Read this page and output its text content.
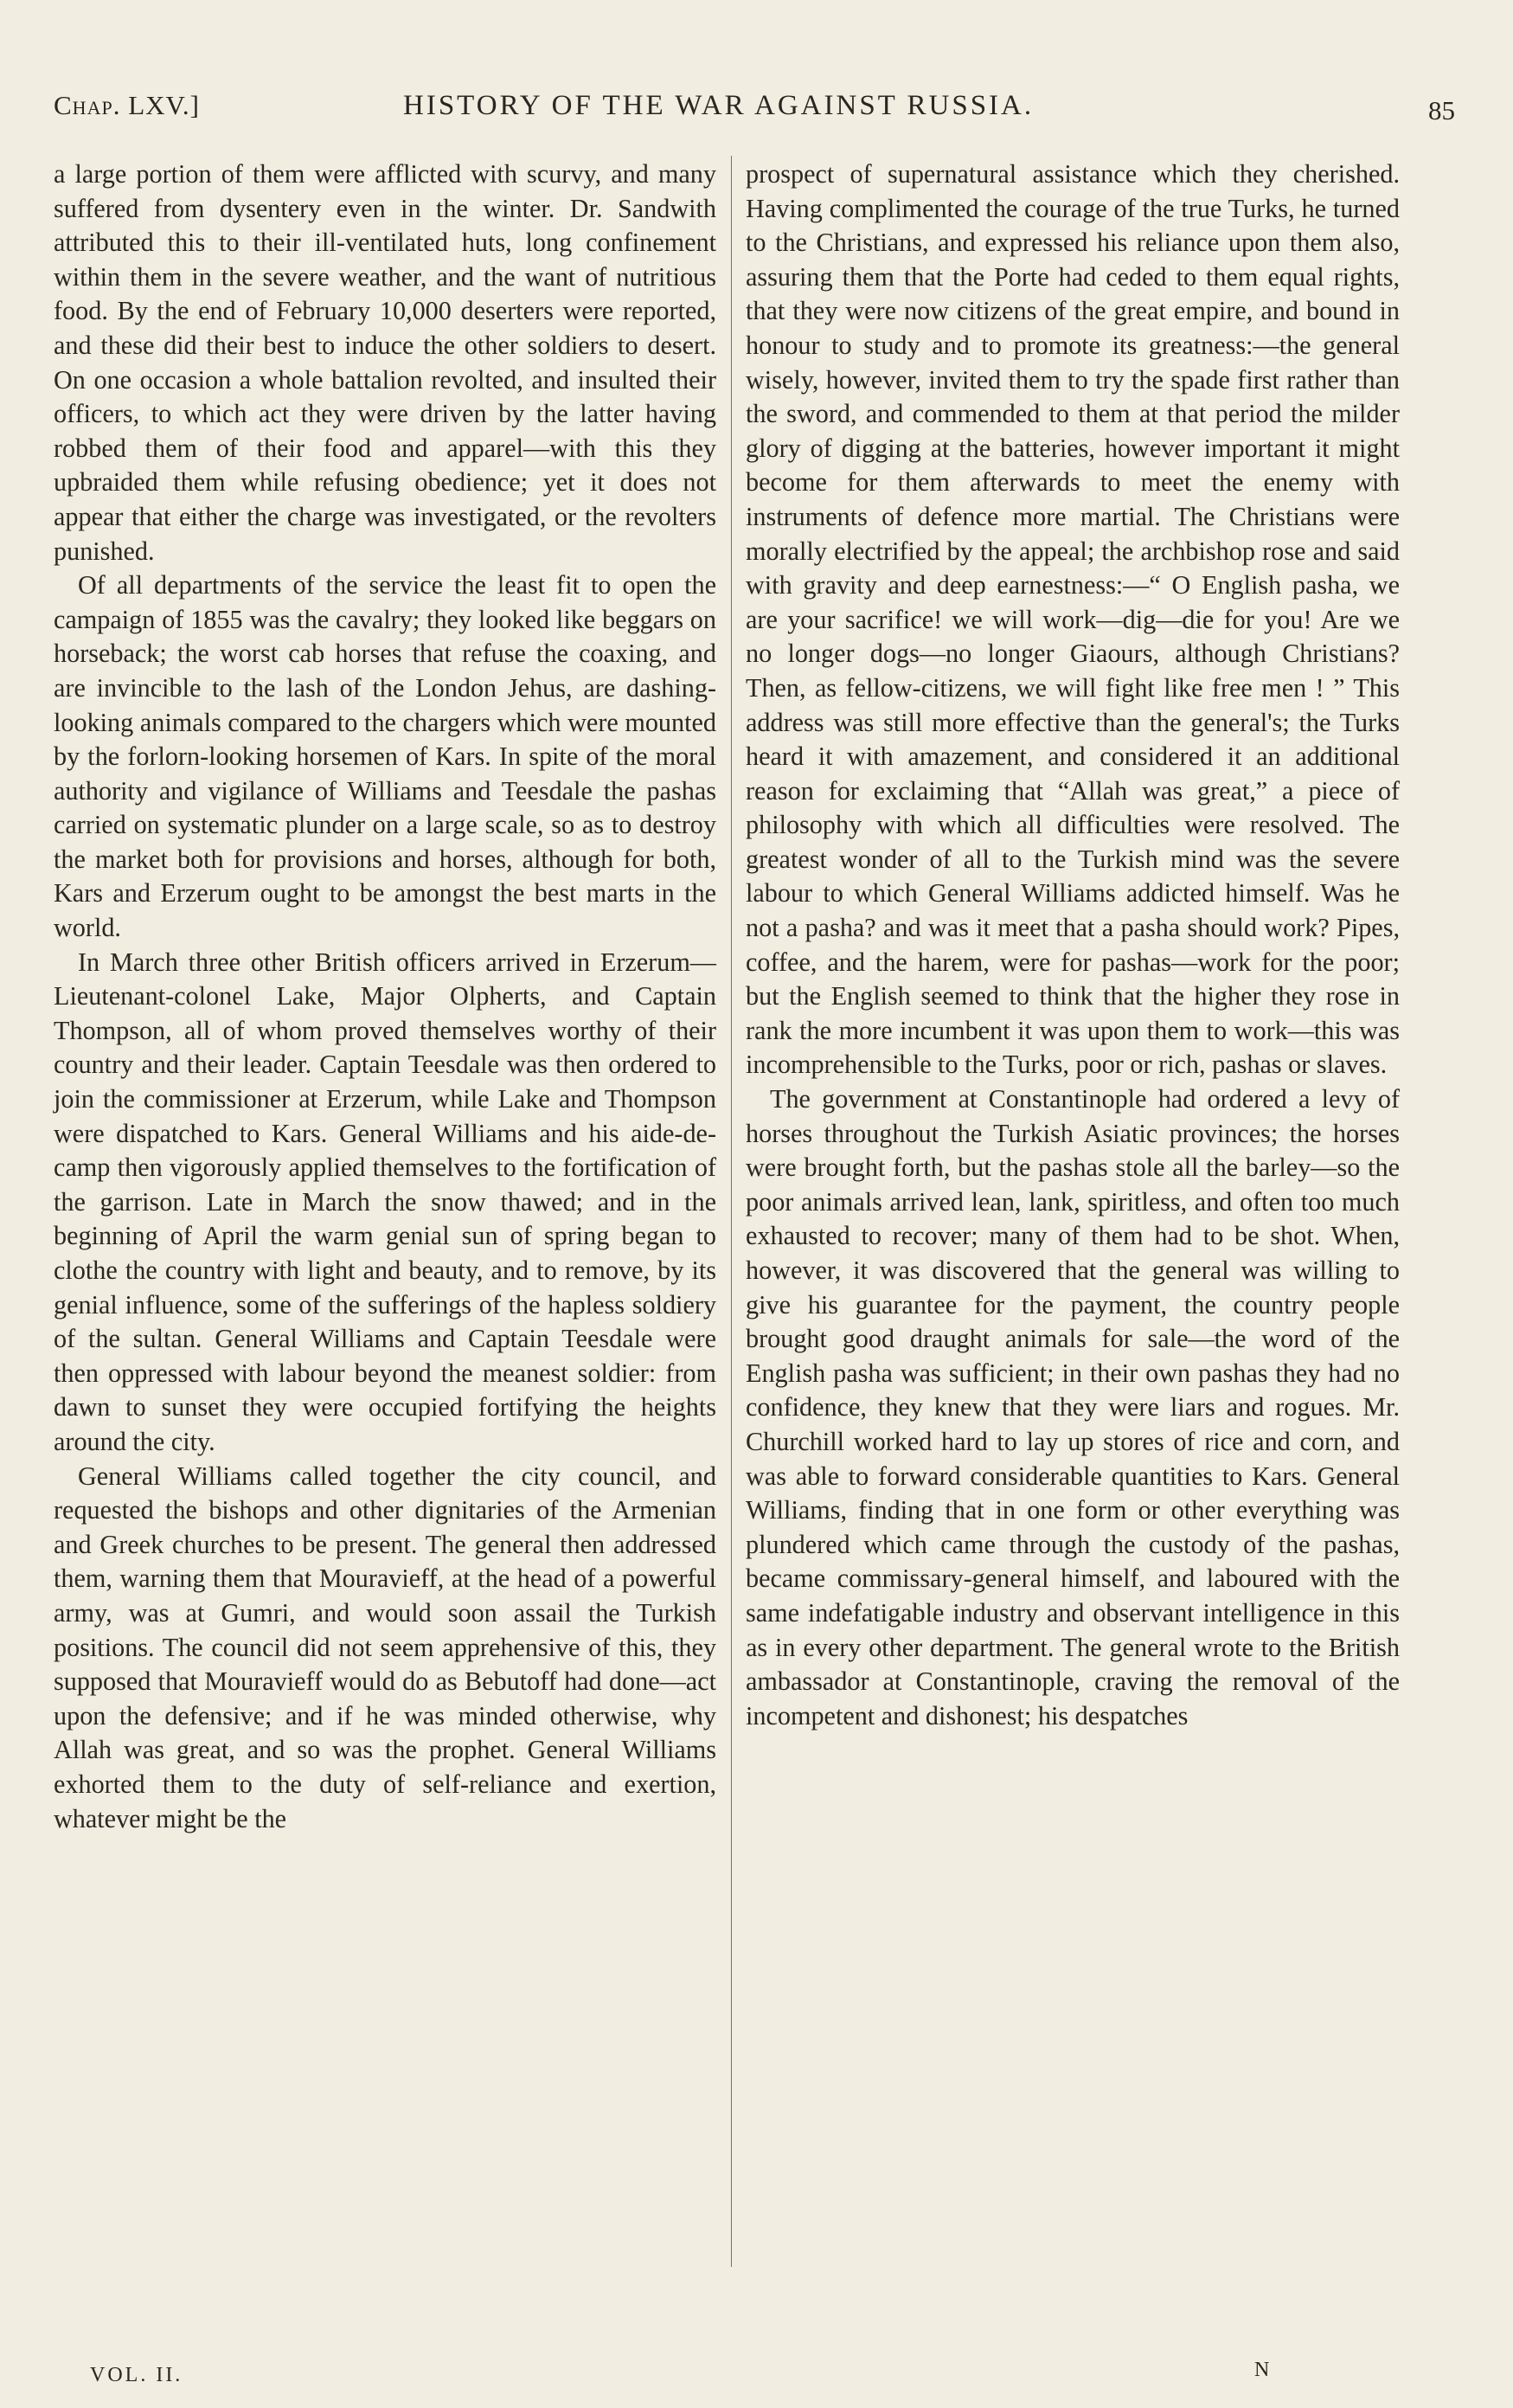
Chap. LXV.]	HISTORY OF THE WAR AGAINST RUSSIA.	85

a large portion of them were afflicted with scurvy, and many suffered from dysentery even in the winter. Dr. Sandwith attributed this to their ill-ventilated huts, long confinement within them in the severe weather, and the want of nutritious food. By the end of February 10,000 deserters were reported, and these did their best to induce the other soldiers to desert. On one occasion a whole battalion revolted, and insulted their officers, to which act they were driven by the latter having robbed them of their food and apparel—with this they upbraided them while refusing obedience; yet it does not appear that either the charge was investigated, or the revolters punished.

Of all departments of the service the least fit to open the campaign of 1855 was the cavalry; they looked like beggars on horseback; the worst cab horses that refuse the coaxing, and are invincible to the lash of the London Jehus, are dashing-looking animals compared to the chargers which were mounted by the forlorn-looking horsemen of Kars. In spite of the moral authority and vigilance of Williams and Teesdale the pashas carried on systematic plunder on a large scale, so as to destroy the market both for provisions and horses, although for both, Kars and Erzerum ought to be amongst the best marts in the world.

In March three other British officers arrived in Erzerum—Lieutenant-colonel Lake, Major Olpherts, and Captain Thompson, all of whom proved themselves worthy of their country and their leader. Captain Teesdale was then ordered to join the commissioner at Erzerum, while Lake and Thompson were dispatched to Kars. General Williams and his aide-de-camp then vigorously applied themselves to the fortification of the garrison. Late in March the snow thawed; and in the beginning of April the warm genial sun of spring began to clothe the country with light and beauty, and to remove, by its genial influence, some of the sufferings of the hapless soldiery of the sultan. General Williams and Captain Teesdale were then oppressed with labour beyond the meanest soldier: from dawn to sunset they were occupied fortifying the heights around the city.

General Williams called together the city council, and requested the bishops and other dignitaries of the Armenian and Greek churches to be present. The general then addressed them, warning them that Mouravieff, at the head of a powerful army, was at Gumri, and would soon assail the Turkish positions. The council did not seem apprehensive of this, they supposed that Mouravieff would do as Bebutoff had done—act upon the defensive; and if he was minded otherwise, why Allah was great, and so was the prophet. General Williams exhorted them to the duty of self-reliance and exertion, whatever might be the

prospect of supernatural assistance which they cherished. Having complimented the courage of the true Turks, he turned to the Christians, and expressed his reliance upon them also, assuring them that the Porte had ceded to them equal rights, that they were now citizens of the great empire, and bound in honour to study and to promote its greatness:—the general wisely, however, invited them to try the spade first rather than the sword, and commended to them at that period the milder glory of digging at the batteries, however important it might become for them afterwards to meet the enemy with instruments of defence more martial. The Christians were morally electrified by the appeal; the archbishop rose and said with gravity and deep earnestness:—“ O English pasha, we are your sacrifice! we will work—dig—die for you! Are we no longer dogs—no longer Giaours, although Christians? Then, as fellow-citizens, we will fight like free men ! ” This address was still more effective than the general's; the Turks heard it with amazement, and considered it an additional reason for exclaiming that “Allah was great,” a piece of philosophy with which all difficulties were resolved. The greatest wonder of all to the Turkish mind was the severe labour to which General Williams addicted himself. Was he not a pasha? and was it meet that a pasha should work? Pipes, coffee, and the harem, were for pashas—work for the poor; but the English seemed to think that the higher they rose in rank the more incumbent it was upon them to work—this was incomprehensible to the Turks, poor or rich, pashas or slaves.

The government at Constantinople had ordered a levy of horses throughout the Turkish Asiatic provinces; the horses were brought forth, but the pashas stole all the barley—so the poor animals arrived lean, lank, spiritless, and often too much exhausted to recover; many of them had to be shot. When, however, it was discovered that the general was willing to give his guarantee for the payment, the country people brought good draught animals for sale—the word of the English pasha was sufficient; in their own pashas they had no confidence, they knew that they were liars and rogues. Mr. Churchill worked hard to lay up stores of rice and corn, and was able to forward considerable quantities to Kars. General Williams, finding that in one form or other everything was plundered which came through the custody of the pashas, became commissary-general himself, and laboured with the same indefatigable industry and observant intelligence in this as in every other department. The general wrote to the British ambassador at Constantinople, craving the removal of the incompetent and dishonest; his despatches

VOL. II.	N
